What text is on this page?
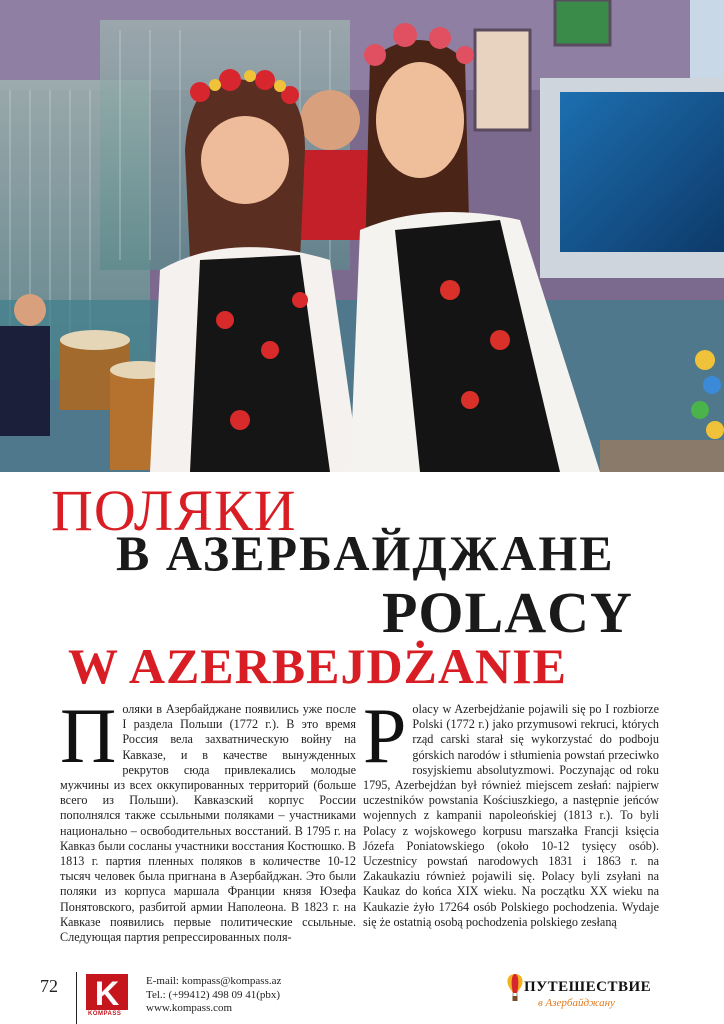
ПОЛЯКИ
В АЗЕРБАЙДЖАНЕ
POLACY
W AZERBEJDŻANIE
П оляки в Азербайджане появились уже после I раздела Польши (1772 г.). В это время Россия вела захватническую войну на Кавказе, и в качестве вынужденных рекрутов сюда привлекались молодые мужчины из всех оккупированных территорий (больше всего из Польши). Кавказский корпус России пополнялся также ссыльными поляками – участниками национально – освободительных восстаний. В 1795 г. на Кавказ были сосланы участники восстания Костюшко. В 1813 г. партия пленных поляков в количестве 10-12 тысяч человек была пригнана в Азербайджан. Это были поляки из корпуса маршала Франции князя Юзефа Понятовского, разбитой армии Наполеона. В 1823 г. на Кавказе появились первые политические ссыльные. Следующая партия репрессированных поля-
P olacy w Azerbejdżanie pojawili się po I rozbiorze Polski (1772 r.) jako przymusowi rekruci, których rząd carski starał się wykorzystać do podboju górskich narodów i stłumienia powstań przeciwko rosyjskiemu absolutyzmowi. Poczynając od roku 1795, Azerbejdżan był również miejscem zesłań: najpierw uczestników powstania Kościuszkiego, a następnie jeńców wojennych z kampanii napoleońskiej (1813 r.). To byli Polacy z wojskowego korpusu marszałka Francji księcia Józefa Poniatowskiego (około 10-12 tysięcy osób). Uczestnicy powstań narodowych 1831 i 1863 r. na Zakaukaziu również pojawili się. Polacy byli zsyłani na Kaukaz do końca XIX wieku. Na początku XX wieku na Kaukazie żyło 17264 osób Polskiego pochodzenia. Wydaje się że ostatnią osobą pochodzenia polskiego zesłaną
72 K
KOMPASS
E-mail: kompass@kompass.az
Tel.: (+99412) 498 09 41(pbx)
www.kompass.com
ПУТЕШЕСТВИЕ
в Азербайджану
